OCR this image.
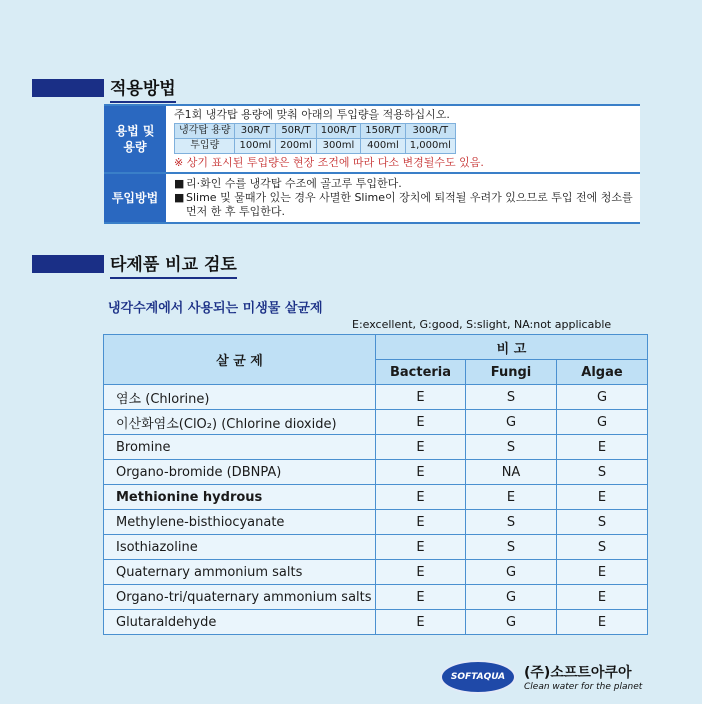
적용방법
용법 및
용량
주1회 냉각탑 용량에 맞춰 아래의 투입량을 적용하십시오.
냉각탑 용량	30R/T	50R/T	100R/T	150R/T	300R/T
투입량	100ml	200ml	300ml	400ml	1,000ml
※ 상기 표시된 투입량은 현장 조건에 따라 다소 변경될수도 있음.
투입방법
■ 리·화인 수를 냉각탑 수조에 골고루 투입한다.
■ Slime 및 물때가 있는 경우 사멸한 Slime이 장치에 퇴적될 우려가 있으므로 투입 전에 청소를 먼저 한 후 투입한다.
타제품 비교 검토
냉각수계에서 사용되는 미생물 살균제
E:excellent, G:good, S:slight, NA:not applicable
살 균 제	비 고		
	Bacteria	Fungi	Algae
염소 (Chlorine)	E	S	G
이산화염소(ClO₂) (Chlorine dioxide)	E	G	G
Bromine	E	S	E
Organo-bromide (DBNPA)	E	NA	S
Methionine hydrous	E	E	E
Methylene-bisthiocyanate	E	S	S
Isothiazoline	E	S	S
Quaternary ammonium salts	E	G	E
Organo-tri/quaternary ammonium salts	E	G	E
Glutaraldehyde	E	G	E
SOFTAQUA	(주)소프트아쿠아
Clean water for the planet
